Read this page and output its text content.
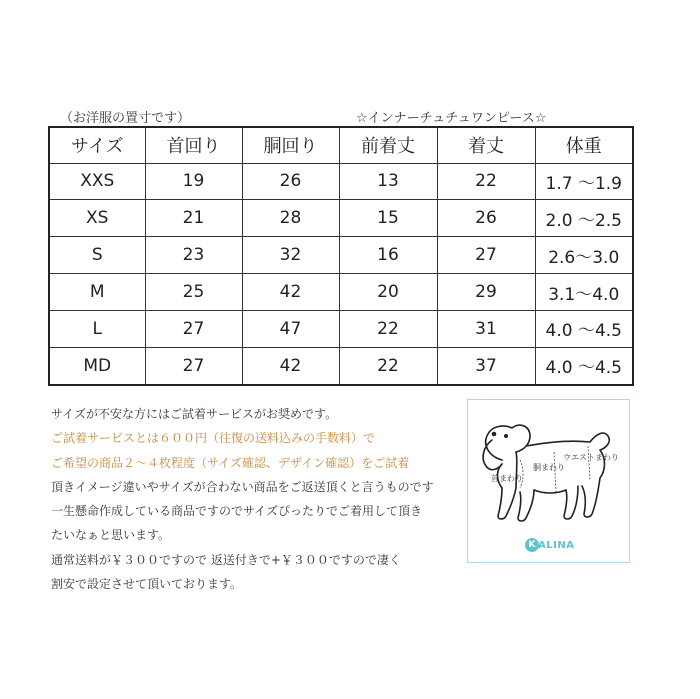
（お洋服の置寸です）	☆インナーチュチュワンピース☆
サイズ	首回り	胴回り	前着丈	着丈	体重
XXS	19	26	13	22	1.7 ～1.9
XS	21	28	15	26	2.0 ～2.5
S	23	32	16	27	2.6～3.0
M	25	42	20	29	3.1～4.0
L	27	47	22	31	4.0 ～4.5
MD	27	42	22	37	4.0 ～4.5
サイズが不安な方にはご試着サービスがお奨めです。
ご試着サービスとは６００円（往復の送料込みの手数料）で
ご希望の商品２～４枚程度（サイズ確認、デザイン確認）をご試着
頂きイメージ違いやサイズが合わない商品をご返送頂くと言うものです
一生懸命作成している商品ですのでサイズぴったりでご着用して頂き
たいなぁと思います。
通常送料が￥３００ですので 返送付きで+￥３００ですので凄く
割安で設定させて頂いております。
ウエストまわり
胴まわり
首まわり
K ALINA
